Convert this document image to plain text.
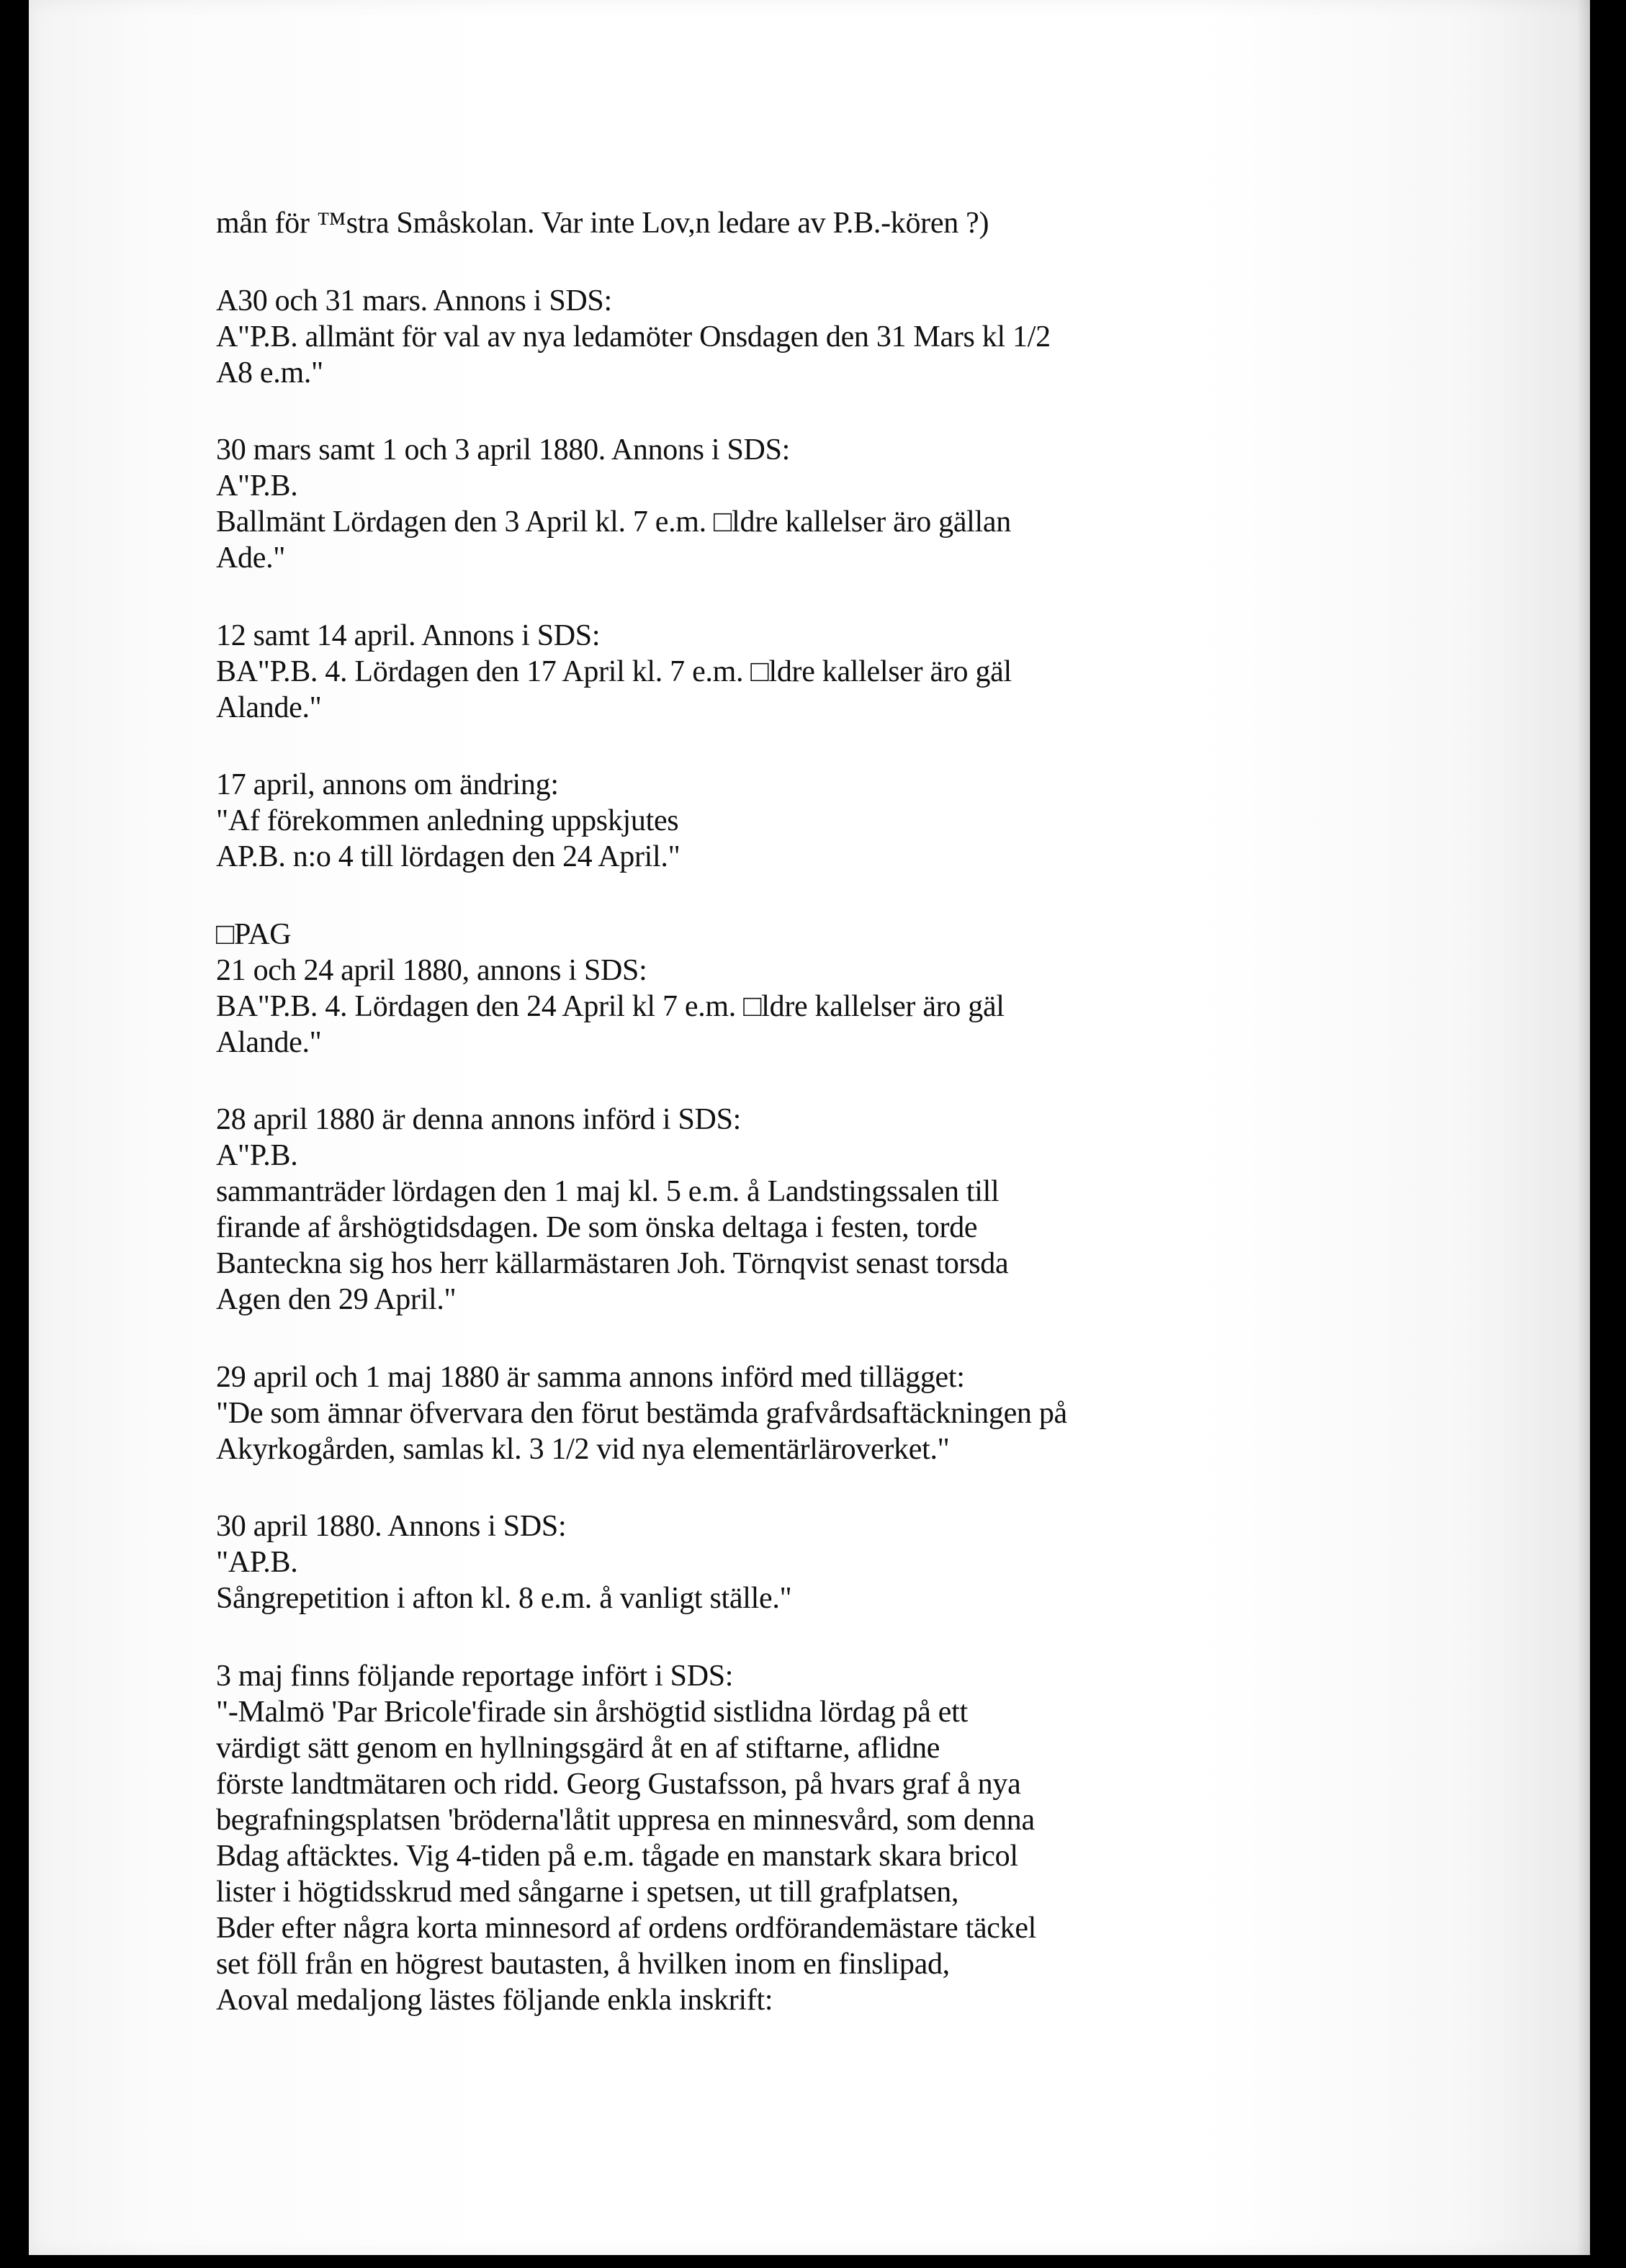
mån för ™stra Småskolan. Var inte Lov,n ledare av P.B.-kören ?)
A30 och 31 mars. Annons i SDS:
A"P.B. allmänt för val av nya ledamöter Onsdagen den 31 Mars kl 1/2
A8 e.m."
30 mars samt 1 och 3 april 1880. Annons i SDS:
A"P.B.
Ballmänt Lördagen den 3 April kl. 7 e.m. □ldre kallelser äro gällan
Ade."
12 samt 14 april. Annons i SDS:
BA"P.B. 4. Lördagen den 17 April kl. 7 e.m. □ldre kallelser äro gäl
Alande."
17 april, annons om ändring:
"Af förekommen anledning uppskjutes
AP.B. n:o 4 till lördagen den 24 April."
□PAG
21 och 24 april 1880, annons i SDS:
BA"P.B. 4. Lördagen den 24 April kl 7 e.m. □ldre kallelser äro gäl
Alande."
28 april 1880 är denna annons införd i SDS:
A"P.B.
sammanträder lördagen den 1 maj kl. 5 e.m. å Landstingssalen till
firande af årshögtidsdagen. De som önska deltaga i festen, torde
Banteckna sig hos herr källarmästaren Joh. Törnqvist senast torsda
Agen den 29 April."
29 april och 1 maj 1880 är samma annons införd med tillägget:
"De som ämnar öfvervara den förut bestämda grafvårdsaftäckningen på
Akyrkogården, samlas kl. 3 1/2 vid nya elementärläroverket."
30 april 1880. Annons i SDS:
"AP.B.
Sångrepetition i afton kl. 8 e.m. å vanligt ställe."
3 maj finns följande reportage infört i SDS:
"-Malmö 'Par Bricole'firade sin årshögtid sistlidna lördag på ett
värdigt sätt genom en hyllningsgärd åt en af stiftarne, aflidne
förste landtmätaren och ridd. Georg Gustafsson, på hvars graf å nya
begrafningsplatsen 'bröderna'låtit uppresa en minnesvård, som denna
Bdag aftäcktes. Vig 4-tiden på e.m. tågade en manstark skara bricol
lister i högtidsskrud med sångarne i spetsen, ut till grafplatsen,
Bder efter några korta minnesord af ordens ordförandemästare täckel
set föll från en högrest bautasten, å hvilken inom en finslipad,
Aoval medaljong lästes följande enkla inskrift:
